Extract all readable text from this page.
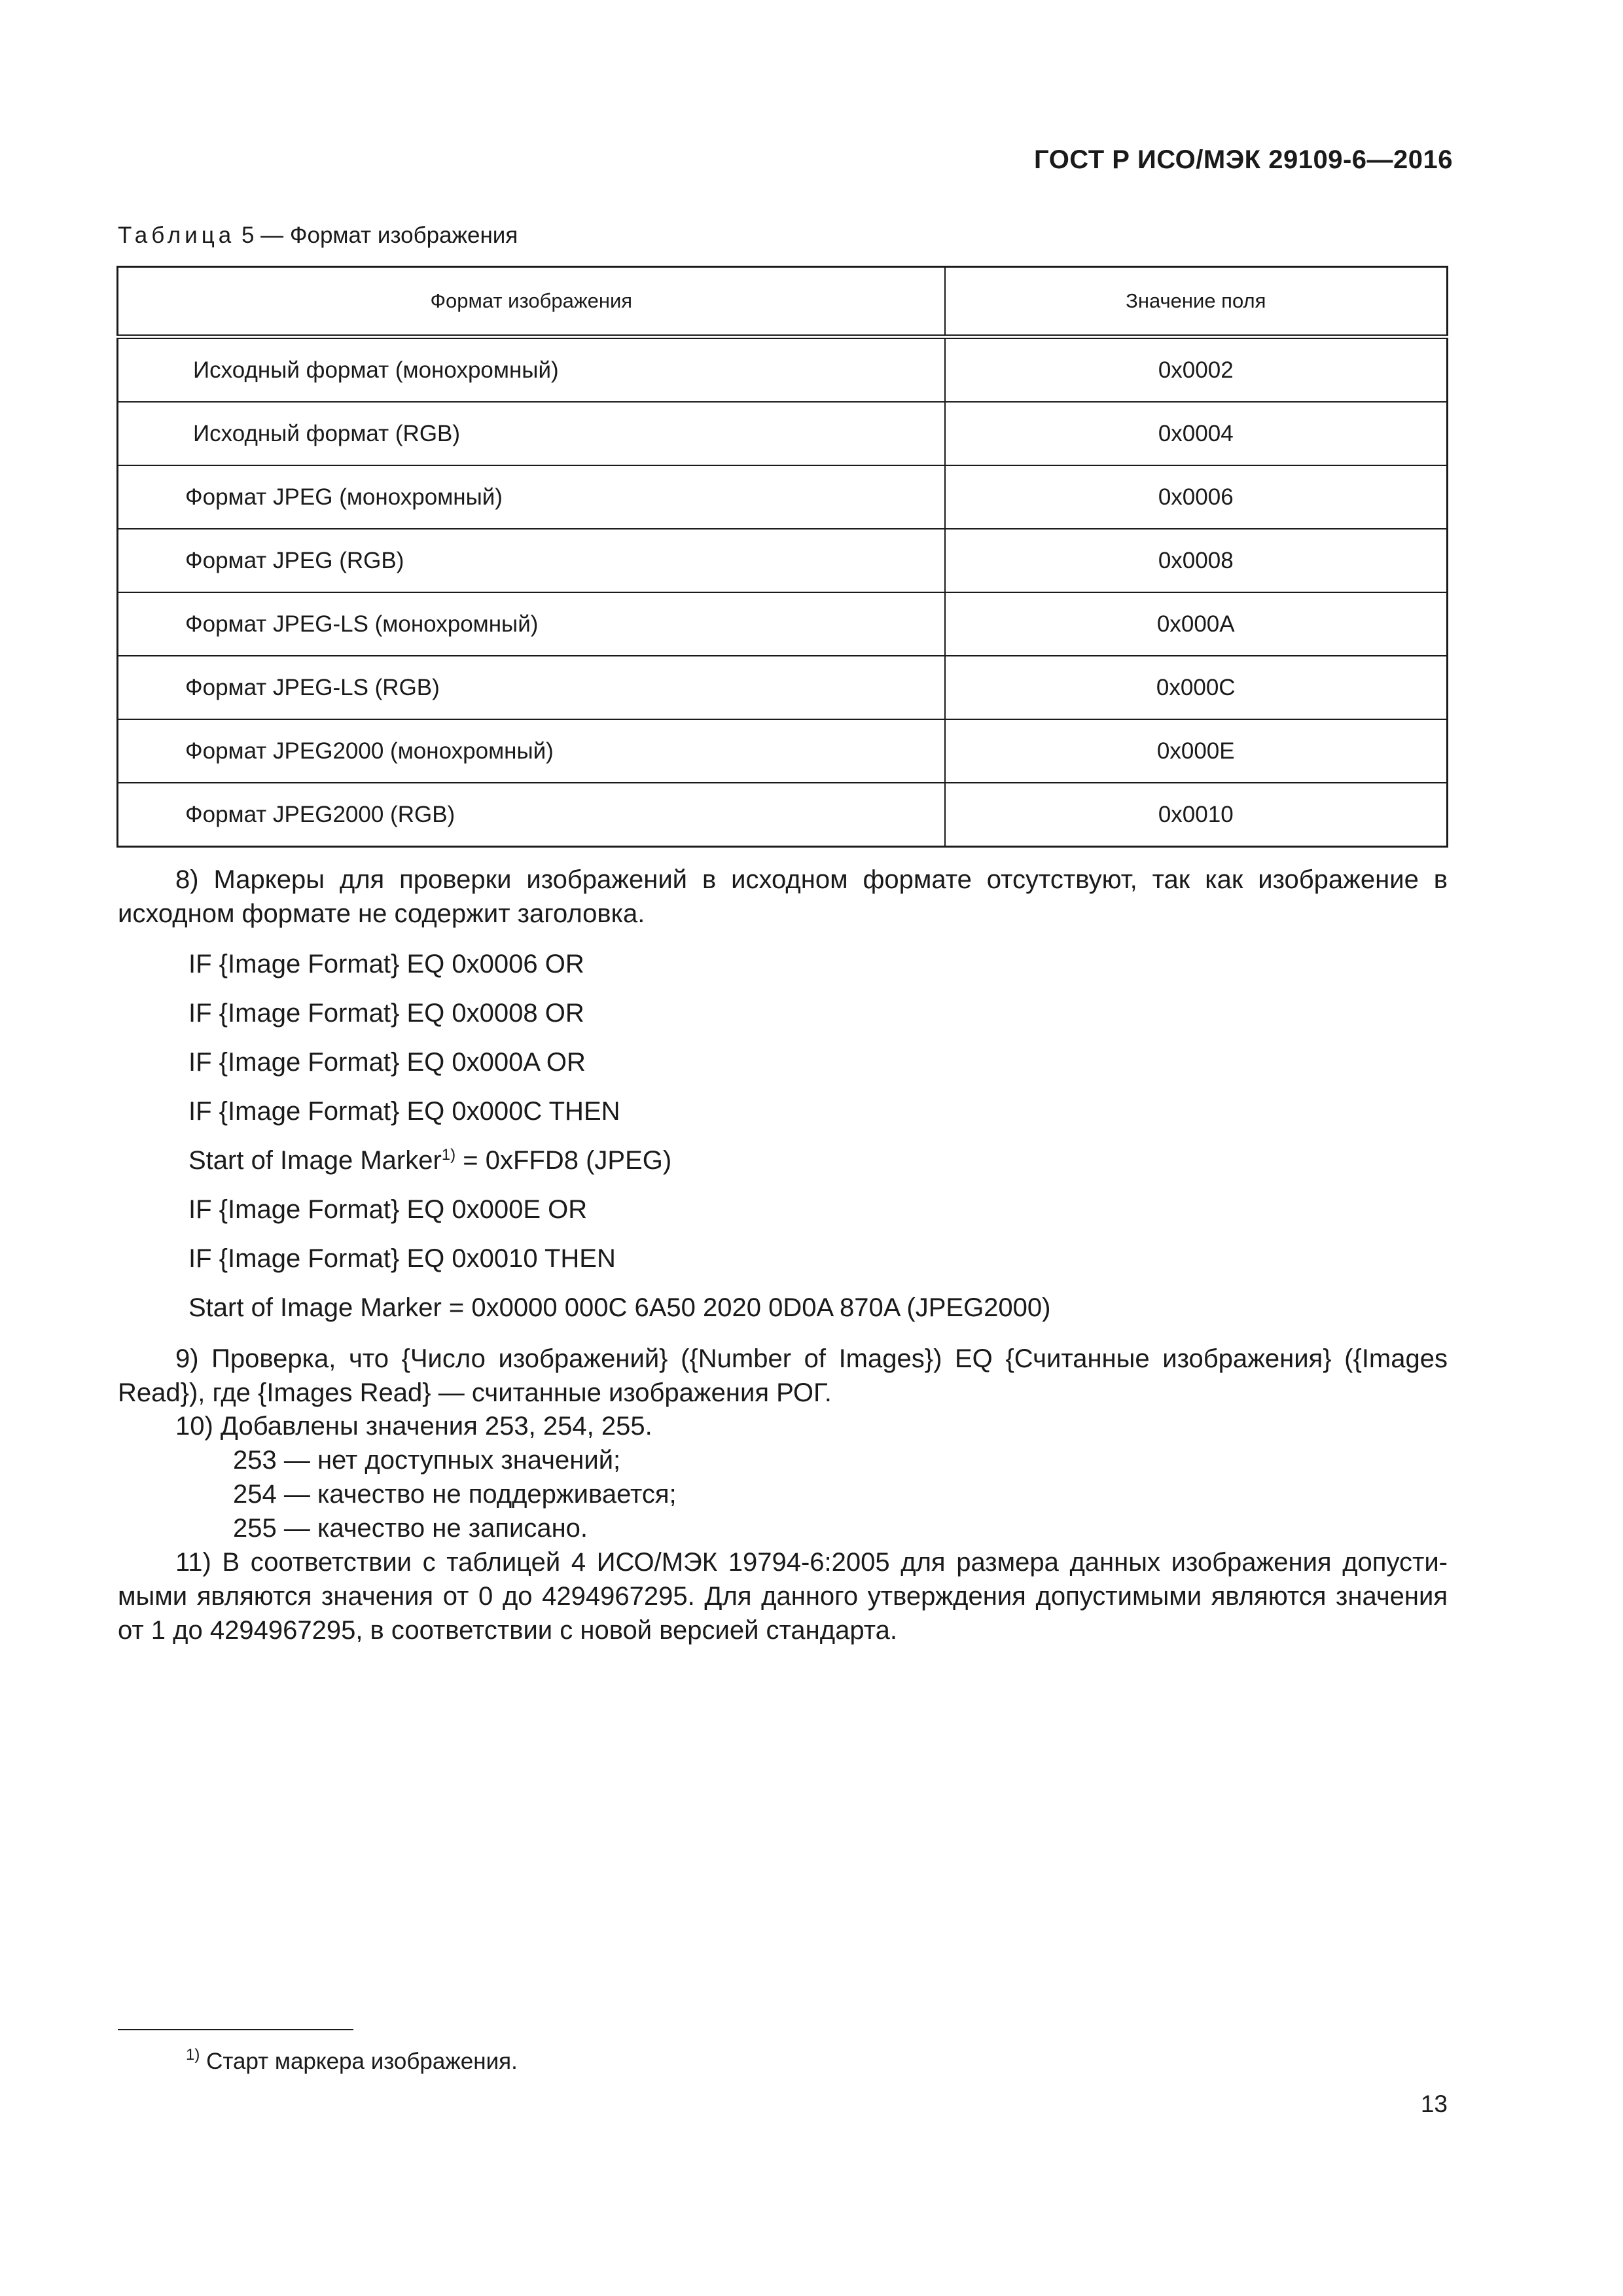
ГОСТ Р ИСО/МЭК 29109-6—2016
Таблица 5 — Формат изображения
Формат изображения	Значение поля
Исходный формат (монохромный)	0x0002
Исходный формат (RGB)	0x0004
Формат JPEG (монохромный)	0x0006
Формат JPEG (RGB)	0x0008
Формат JPEG-LS (монохромный)	0x000A
Формат JPEG-LS (RGB)	0x000C
Формат JPEG2000 (монохромный)	0x000E
Формат JPEG2000 (RGB)	0x0010

8) Маркеры для проверки изображений в исходном формате отсутствуют, так как изображение в исходном формате не содержит заголовка.

IF {Image Format} EQ 0x0006 OR
IF {Image Format} EQ 0x0008 OR
IF {Image Format} EQ 0x000A OR
IF {Image Format} EQ 0x000C THEN
Start of Image Marker$^{1)}$ = 0xFFD8 (JPEG)
IF {Image Format} EQ 0x000E OR
IF {Image Format} EQ 0x0010 THEN
Start of Image Marker = 0x0000 000C 6A50 2020 0D0A 870A (JPEG2000)

9) Проверка, что {Число изображений} ({Number of Images}) EQ {Считанные изображения} ({Images Read}), где {Images Read} — считанные изображения РОГ.

10) Добавлены значения 253, 254, 255.

253 — нет доступных значений;
254 — качество не поддерживается;
255 — качество не записано.

11) В соответствии с таблицей 4 ИСО/МЭК 19794-6:2005 для размера данных изображения допустимыми являются значения от 0 до 4294967295. Для данного утверждения допустимыми являются значения от 1 до 4294967295, в соответствии с новой версией стандарта.

$^{1)}$ Старт маркера изображения.
13
